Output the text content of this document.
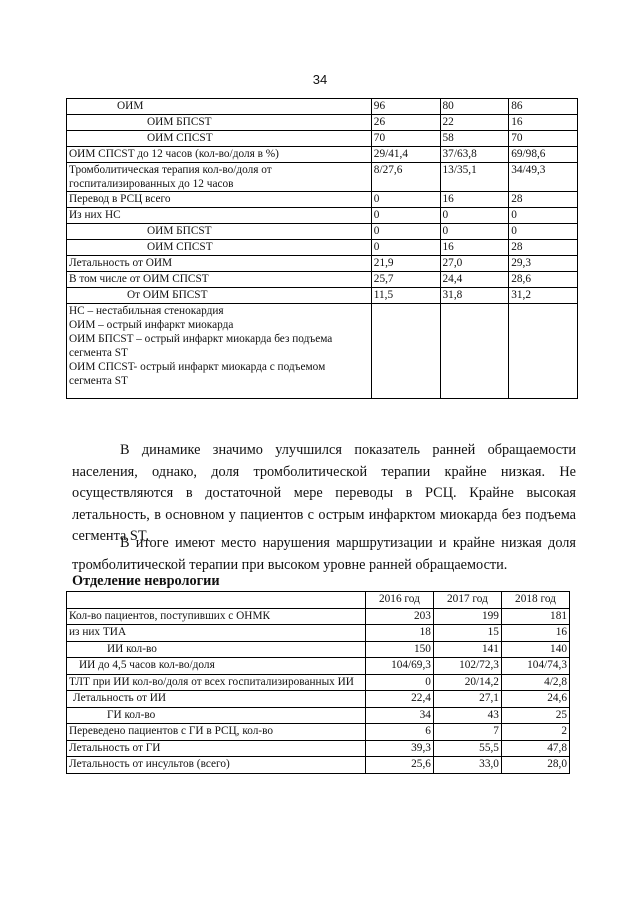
34
ОИМ	96	80	86
ОИМ БПСST	26	22	16
ОИМ СПСST	70	58	70
ОИМ СПСST до 12 часов (кол-во/доля в %)	29/41,4	37/63,8	69/98,6
Тромболитическая терапия кол-во/доля от госпитализированных до 12 часов	8/27,6	13/35,1	34/49,3
Перевод в РСЦ всего	0	16	28
Из них НС	0	0	0
ОИМ БПСST	0	0	0
ОИМ СПСST	0	16	28
Летальность от ОИМ	21,9	27,0	29,3
В том числе от ОИМ СПСST	25,7	24,4	28,6
От ОИМ БПСST	11,5	31,8	31,2

НС – нестабильная стенокардия
ОИМ – острый инфаркт миокарда
ОИМ БПСST – острый инфаркт миокарда без подъема сегмента ST
ОИМ СПСST- острый инфаркт миокарда с подъемом сегмента ST			

В динамике значимо улучшился показатель ранней обращаемости населения, однако, доля тромболитической терапии крайне низкая. Не осуществляются в достаточной мере переводы в РСЦ. Крайне высокая летальность, в основном у пациентов с острым инфарктом миокарда без подъема сегмента ST.

В итоге имеют место нарушения маршрутизации и крайне низкая доля тромболитической терапии при высоком уровне ранней обращаемости.

Отделение неврологии

	2016 год	2017 год	2018 год
Кол-во пациентов, поступивших с ОНМК	203	199	181
из них ТИА	18	15	16
ИИ кол-во	150	141	140
ИИ до 4,5 часов кол-во/доля	104/69,3	102/72,3	104/74,3
ТЛТ при ИИ кол-во/доля от всех госпитализированных ИИ	0	20/14,2	4/2,8
Летальность от ИИ	22,4	27,1	24,6
ГИ кол-во	34	43	25
Переведено пациентов с ГИ в РСЦ, кол-во	6	7	2
Летальность от ГИ	39,3	55,5	47,8
Летальность от инсультов (всего)	25,6	33,0	28,0
